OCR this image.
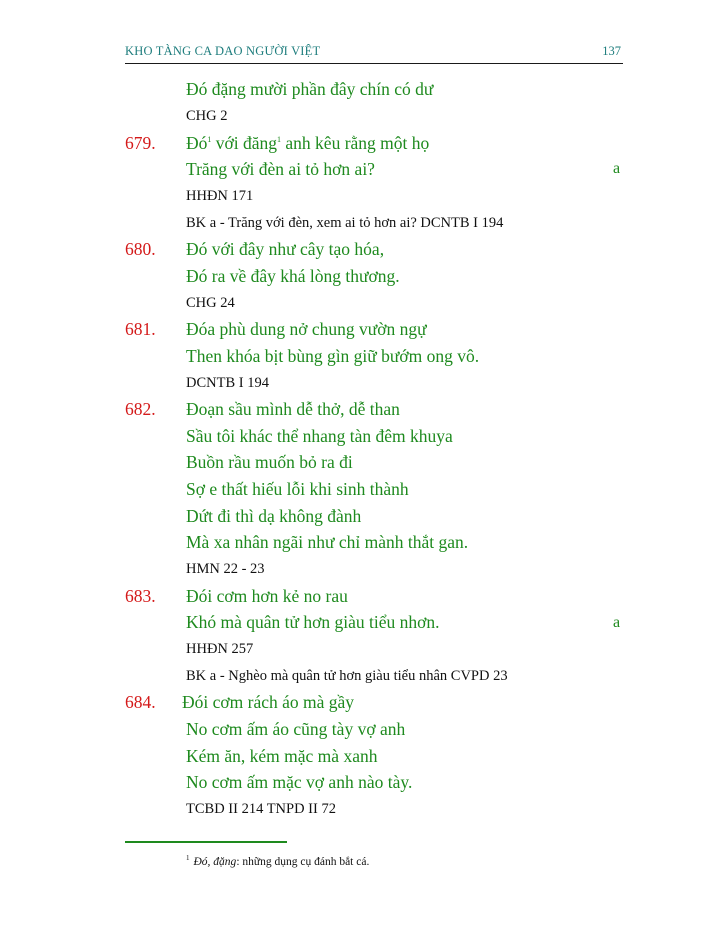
KHO TÀNG CA DAO NGƯỜI VIỆT	137
Đó đặng mười phần đây chín có dư
CHG 2
679. $Đó^1$ với đăng$^1$ anh kêu rằng một họ
Trăng với đèn ai tỏ hơn ai?	a
HHĐN 171
BK a - Trăng với đèn, xem ai tỏ hơn ai? DCNTB I 194
680. Đó với đây như cây tạo hóa,
Đó ra về đây khá lòng thương.
CHG 24
681. Đóa phù dung nở chung vườn ngự
Then khóa bịt bùng gìn giữ bướm ong vô.
DCNTB I 194
682. Đoạn sầu mình dễ thở, dễ than
Sầu tôi khác thể nhang tàn đêm khuya
Buồn rầu muốn bỏ ra đi
Sợ e thất hiếu lỗi khi sinh thành
Dứt đi thì dạ không đành
Mà xa nhân ngãi như chỉ mành thắt gan.
HMN 22 - 23
683. Đói cơm hơn kẻ no rau
Khó mà quân tử hơn giàu tiểu nhơn.	a
HHĐN 257
BK a - Nghèo mà quân tử hơn giàu tiểu nhân CVPD 23
684. Đói cơm rách áo mà gầy
No cơm ấm áo cũng tày vợ anh
Kém ăn, kém mặc mà xanh
No cơm ấm mặc vợ anh nào tày.
TCBD II 214 TNPD II 72
$^1$ Đó, đặng: những dụng cụ đánh bắt cá.
